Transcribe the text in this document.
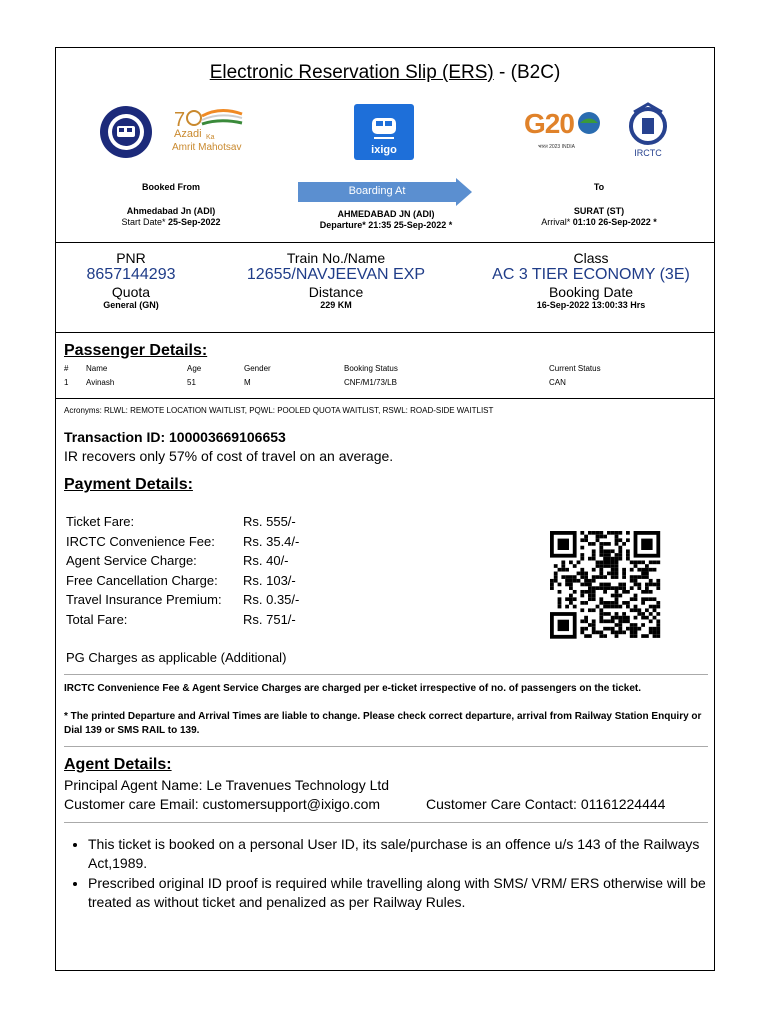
Electronic Reservation Slip (ERS) - (B2C)
7
Azadi Ka
Amrit Mahotsav	ixigo
G20
भारत 2023 INDIA
IRCTC
Booked From
Ahmedabad Jn (ADI)
Start Date* 25-Sep-2022
Boarding At
AHMEDABAD JN (ADI)
Departure* 21:35 25-Sep-2022 *
To
SURAT (ST)
Arrival* 01:10 26-Sep-2022 *
PNR
8657144293
Quota
General (GN)
Train No./Name
12655/NAVJEEVAN EXP
Distance
229 KM
Class
AC 3 TIER ECONOMY (3E)
Booking Date
16-Sep-2022 13:00:33 Hrs
Passenger Details:
# Name	Age	Gender	Booking Status	Current Status
1 Avinash	51	M	CNF/M1/73/LB	CAN
Acronyms: RLWL: REMOTE LOCATION WAITLIST, PQWL: POOLED QUOTA WAITLIST, RSWL: ROAD-SIDE WAITLIST
Transaction ID: 100003669106653
IR recovers only 57% of cost of travel on an average.
Payment Details:
Ticket Fare:	Rs. 555/-
IRCTC Convenience Fee: Rs. 35.4/-
Agent Service Charge:	Rs. 40/-
Free Cancellation Charge: Rs. 103/-
Travel Insurance Premium: Rs. 0.35/-
Total Fare:	Rs. 751/-
PG Charges as applicable (Additional)
IRCTC Convenience Fee & Agent Service Charges are charged per e-ticket irrespective of no. of passengers on the ticket.
* The printed Departure and Arrival Times are liable to change. Please check correct departure, arrival from Railway Station Enquiry or Dial 139 or SMS RAIL to 139.
Agent Details:
Principal Agent Name: Le Travenues Technology Ltd
Customer care Email: customersupport@ixigo.com	Customer Care Contact: 01161224444
• This ticket is booked on a personal User ID, its sale/purchase is an offence u/s 143 of the Railways Act,1989.
• Prescribed original ID proof is required while travelling along with SMS/ VRM/ ERS otherwise will be treated as without ticket and penalized as per Railway Rules.
